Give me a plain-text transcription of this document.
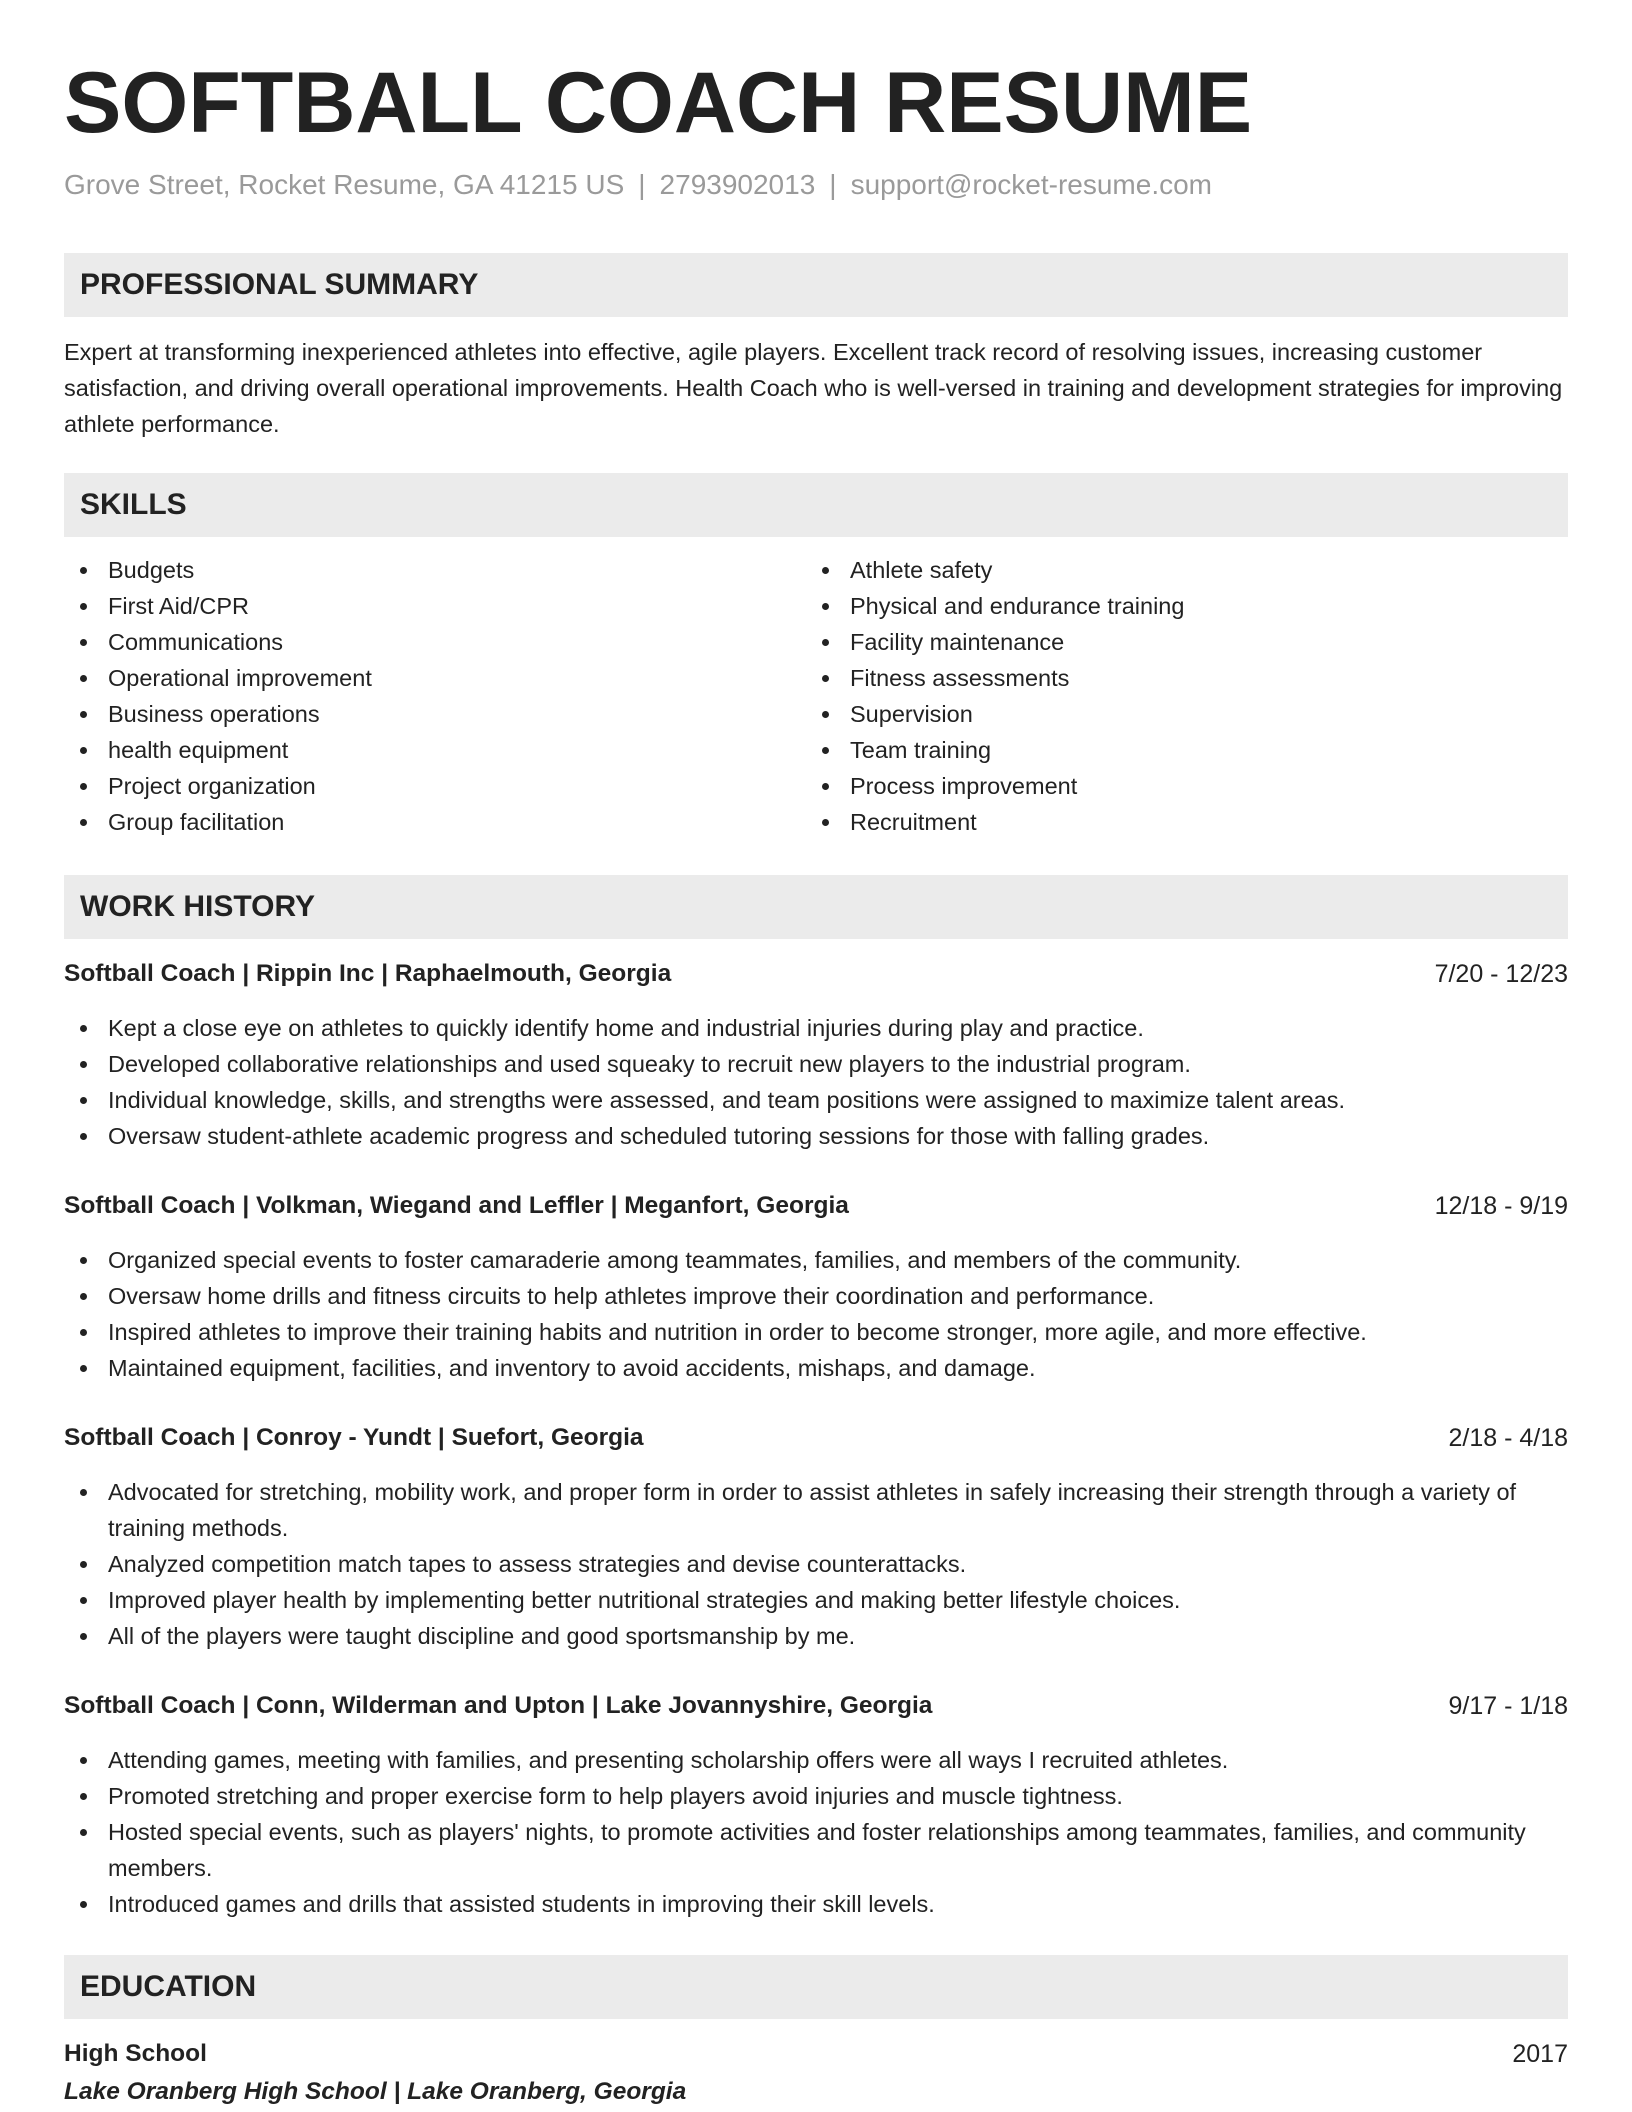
SOFTBALL COACH RESUME
Grove Street, Rocket Resume, GA 41215 US | 2793902013 | support@rocket-resume.com
PROFESSIONAL SUMMARY
Expert at transforming inexperienced athletes into effective, agile players. Excellent track record of resolving issues, increasing customer satisfaction, and driving overall operational improvements. Health Coach who is well-versed in training and development strategies for improving athlete performance.
SKILLS
Budgets
First Aid/CPR
Communications
Operational improvement
Business operations
health equipment
Project organization
Group facilitation
Athlete safety
Physical and endurance training
Facility maintenance
Fitness assessments
Supervision
Team training
Process improvement
Recruitment
WORK HISTORY
Softball Coach | Rippin Inc | Raphaelmouth, Georgia	7/20 - 12/23
Kept a close eye on athletes to quickly identify home and industrial injuries during play and practice.
Developed collaborative relationships and used squeaky to recruit new players to the industrial program.
Individual knowledge, skills, and strengths were assessed, and team positions were assigned to maximize talent areas.
Oversaw student-athlete academic progress and scheduled tutoring sessions for those with falling grades.
Softball Coach | Volkman, Wiegand and Leffler | Meganfort, Georgia	12/18 - 9/19
Organized special events to foster camaraderie among teammates, families, and members of the community.
Oversaw home drills and fitness circuits to help athletes improve their coordination and performance.
Inspired athletes to improve their training habits and nutrition in order to become stronger, more agile, and more effective.
Maintained equipment, facilities, and inventory to avoid accidents, mishaps, and damage.
Softball Coach | Conroy - Yundt | Suefort, Georgia	2/18 - 4/18
Advocated for stretching, mobility work, and proper form in order to assist athletes in safely increasing their strength through a variety of training methods.
Analyzed competition match tapes to assess strategies and devise counterattacks.
Improved player health by implementing better nutritional strategies and making better lifestyle choices.
All of the players were taught discipline and good sportsmanship by me.
Softball Coach | Conn, Wilderman and Upton | Lake Jovannyshire, Georgia	9/17 - 1/18
Attending games, meeting with families, and presenting scholarship offers were all ways I recruited athletes.
Promoted stretching and proper exercise form to help players avoid injuries and muscle tightness.
Hosted special events, such as players' nights, to promote activities and foster relationships among teammates, families, and community members.
Introduced games and drills that assisted students in improving their skill levels.
EDUCATION
High School	2017
Lake Oranberg High School | Lake Oranberg, Georgia
